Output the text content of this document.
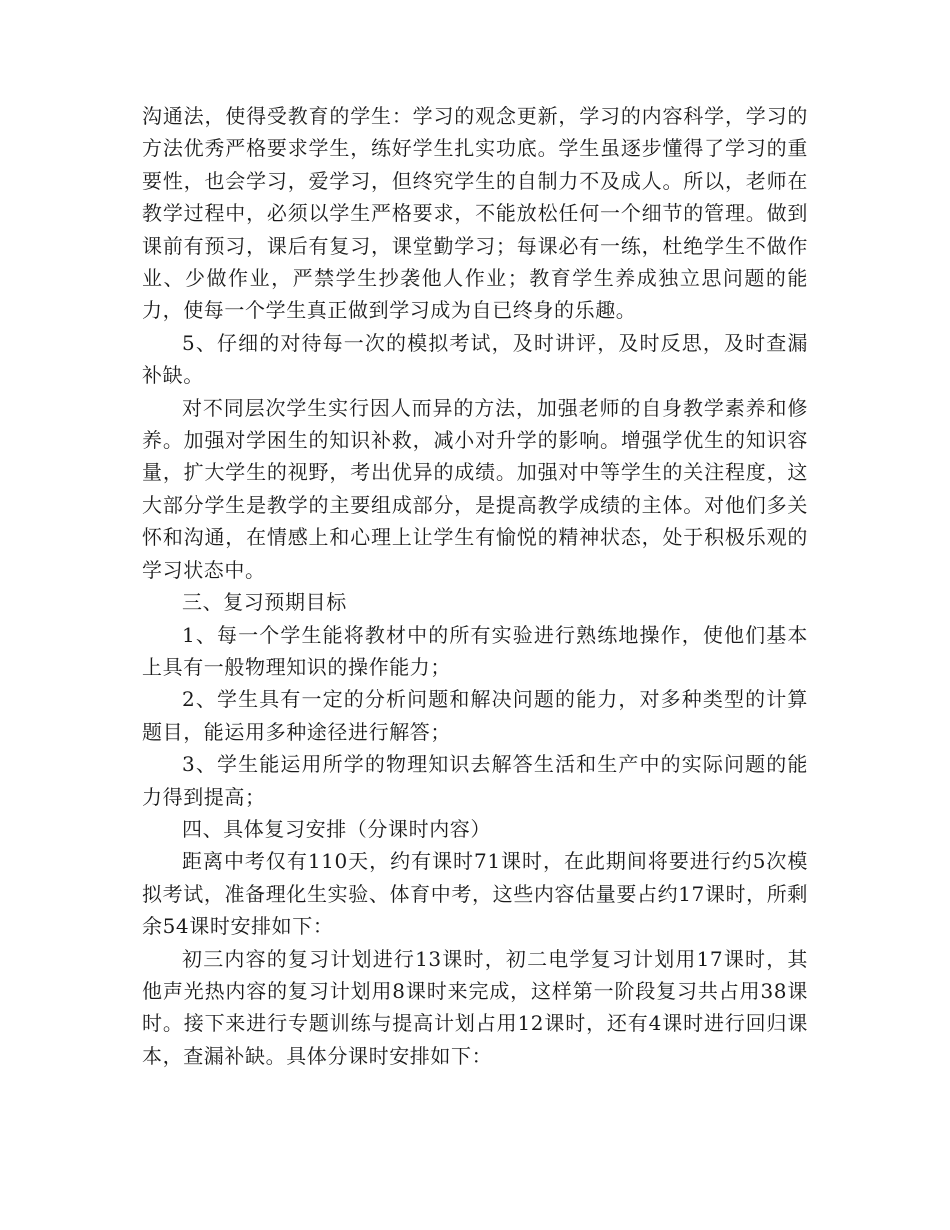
沟通法，使得受教育的学生：学习的观念更新，学习的内容科学，学习的方法优秀严格要求学生，练好学生扎实功底。学生虽逐步懂得了学习的重要性，也会学习，爱学习，但终究学生的自制力不及成人。所以，老师在教学过程中，必须以学生严格要求，不能放松任何一个细节的管理。做到课前有预习，课后有复习，课堂勤学习；每课必有一练，杜绝学生不做作业、少做作业，严禁学生抄袭他人作业；教育学生养成独立思问题的能力，使每一个学生真正做到学习成为自已终身的乐趣。

5、仔细的对待每一次的模拟考试，及时讲评，及时反思，及时查漏补缺。

对不同层次学生实行因人而异的方法，加强老师的自身教学素养和修养。加强对学困生的知识补救，减小对升学的影响。增强学优生的知识容量，扩大学生的视野，考出优异的成绩。加强对中等学生的关注程度，这大部分学生是教学的主要组成部分，是提高教学成绩的主体。对他们多关怀和沟通，在情感上和心理上让学生有愉悦的精神状态，处于积极乐观的学习状态中。

三、复习预期目标

1、每一个学生能将教材中的所有实验进行熟练地操作，使他们基本上具有一般物理知识的操作能力；

2、学生具有一定的分析问题和解决问题的能力，对多种类型的计算题目，能运用多种途径进行解答；

3、学生能运用所学的物理知识去解答生活和生产中的实际问题的能力得到提高；

四、具体复习安排（分课时内容）

距离中考仅有110天，约有课时71课时，在此期间将要进行约5次模拟考试，准备理化生实验、体育中考，这些内容估量要占约17课时，所剩余54课时安排如下：

初三内容的复习计划进行13课时，初二电学复习计划用17课时，其他声光热内容的复习计划用8课时来完成，这样第一阶段复习共占用38课时。接下来进行专题训练与提高计划占用12课时，还有4课时进行回归课本，查漏补缺。具体分课时安排如下：
